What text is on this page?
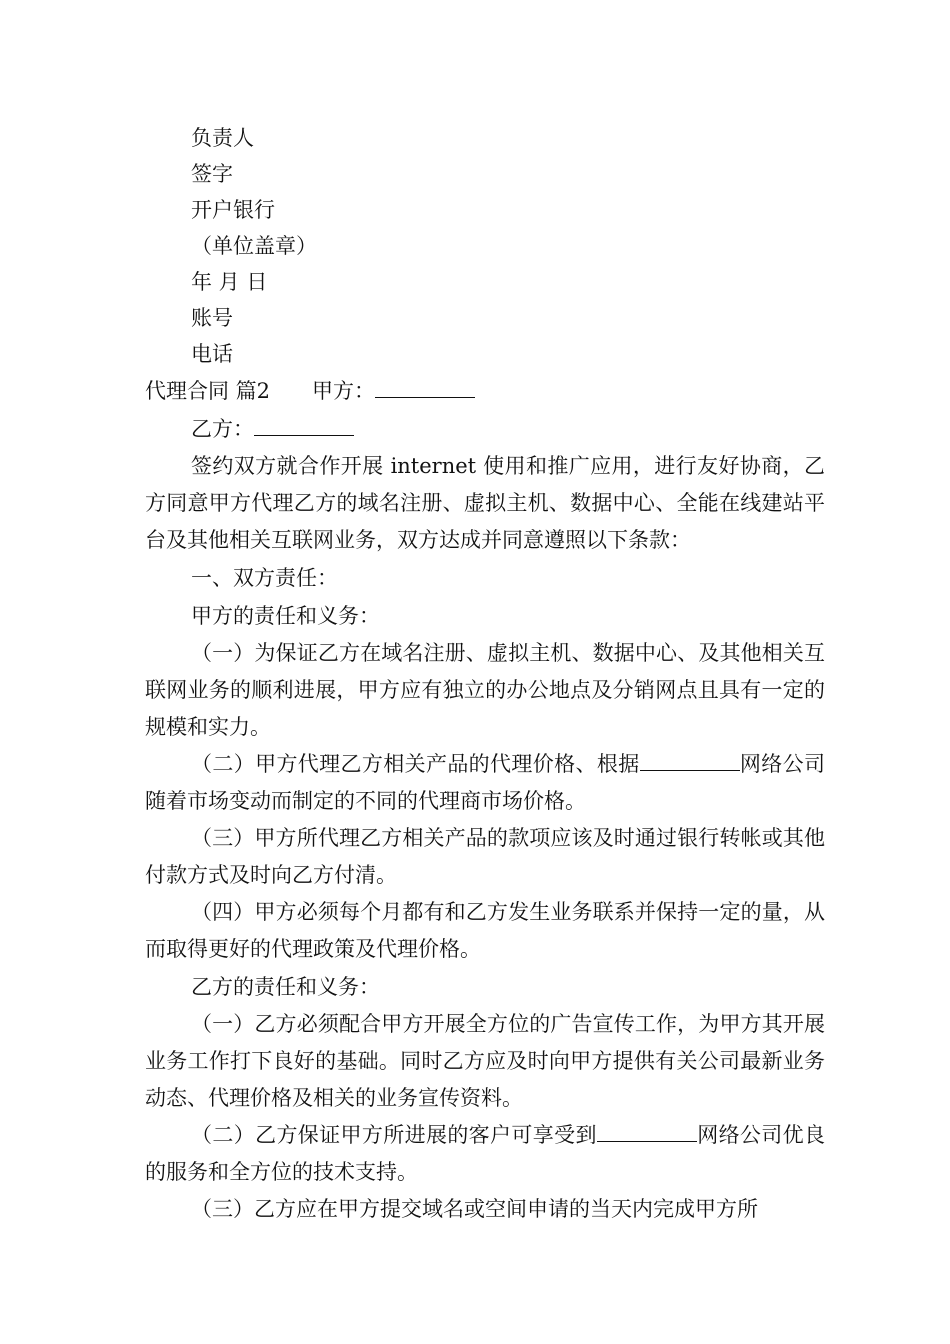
负责人
签字
开户银行
（单位盖章）
年 月 日
账号
电话
代理合同 篇2 甲方：
乙方：

签约双方就合作开展 internet 使用和推广应用，进行友好协商，乙方同意甲方代理乙方的域名注册、虚拟主机、数据中心、全能在线建站平台及其他相关互联网业务，双方达成并同意遵照以下条款：

一、双方责任：
甲方的责任和义务：

（一）为保证乙方在域名注册、虚拟主机、数据中心、及其他相关互联网业务的顺利进展，甲方应有独立的办公地点及分销网点且具有一定的规模和实力。

（二）甲方代理乙方相关产品的代理价格、根据	网络公司随着市场变动而制定的不同的代理商市场价格。

（三）甲方所代理乙方相关产品的款项应该及时通过银行转帐或其他付款方式及时向乙方付清。

（四）甲方必须每个月都有和乙方发生业务联系并保持一定的量，从而取得更好的代理政策及代理价格。

乙方的责任和义务：

（一）乙方必须配合甲方开展全方位的广告宣传工作，为甲方其开展业务工作打下良好的基础。同时乙方应及时向甲方提供有关公司最新业务动态、代理价格及相关的业务宣传资料。

（二）乙方保证甲方所进展的客户可享受到	网络公司优良的服务和全方位的技术支持。

（三）乙方应在甲方提交域名或空间申请的当天内完成甲方所
